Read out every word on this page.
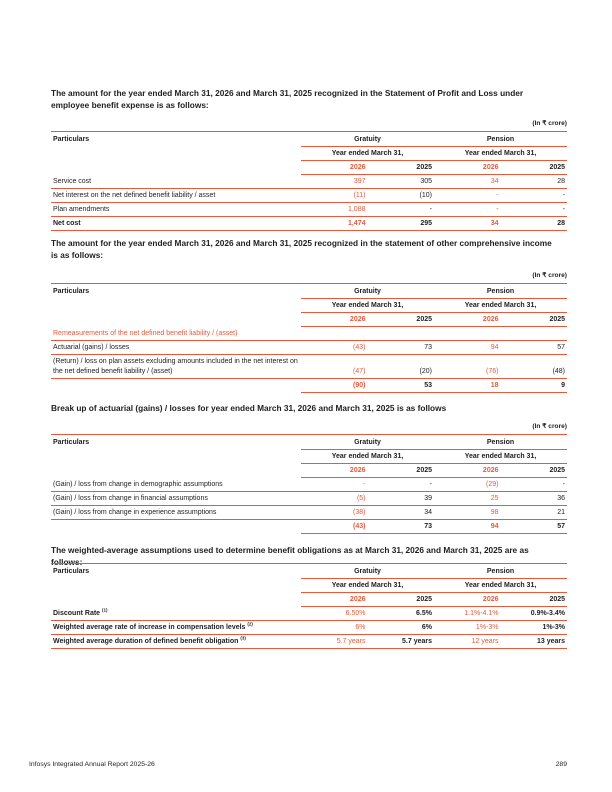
The amount for the year ended March 31, 2026 and March 31, 2025 recognized in the Statement of Profit and Loss under employee benefit expense is as follows:
(In ₹ crore)
Particulars	Gratuity		Pension	
	Year ended March 31,		Year ended March 31,	
	2026	2025	2026	2025
Service cost	397	305	34	28
Net interest on the net defined benefit liability / asset	(11)	(10)	-	-
Plan amendments	1,088	-	-	-
Net cost	1,474	295	34	28
The amount for the year ended March 31, 2026 and March 31, 2025 recognized in the statement of other comprehensive income is as follows:
(In ₹ crore)
Particulars	Gratuity		Pension	
	Year ended March 31,		Year ended March 31,	
	2026	2025	2026	2025
Remeasurements of the net defined benefit liability / (asset)				
Actuarial (gains) / losses	(43)	73	94	57
(Return) / loss on plan assets excluding amounts included in the net interest on the net defined benefit liability / (asset)	(47)	(20)	(76)	(48)
	(90)	53	18	9
Break up of actuarial (gains) / losses for year ended March 31, 2026 and March 31, 2025 is as follows
(In ₹ crore)
Particulars	Gratuity		Pension	
	Year ended March 31,		Year ended March 31,	
	2026	2025	2026	2025
(Gain) / loss from change in demographic assumptions	-	-	(29)	-
(Gain) / loss from change in financial assumptions	(5)	39	25	36
(Gain) / loss from change in experience assumptions	(38)	34	98	21
	(43)	73	94	57
The weighted-average assumptions used to determine benefit obligations as at March 31, 2026 and March 31, 2025 are as follows:
Particulars	Gratuity		Pension	
	Year ended March 31,		Year ended March 31,	
	2026	2025	2026	2025
Discount Rate $^{(1)}$	6.50%	6.5%	1.1%-4.1%	0.9%-3.4%
Weighted average rate of increase in compensation levels $^{(2)}$	6%	6%	1%-3%	1%-3%
Weighted average duration of defined benefit obligation $^{(3)}$	5.7 years	5.7 years	12 years	13 years
Infosys Integrated Annual Report 2025-26	289
